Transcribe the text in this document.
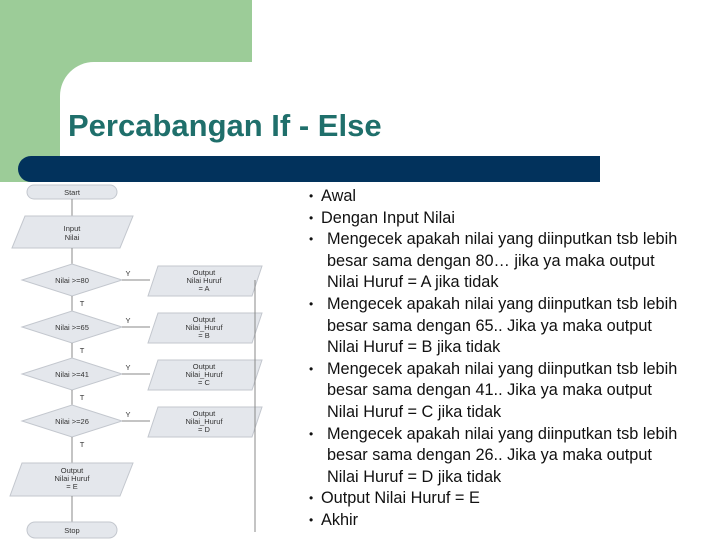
Percabangan If - Else
Start
Input
Nilai
Nilai >=80
Y	Output
Nilai Huruf
= A
T
Nilai >=65
Y	Output
Nilai_Huruf
= B
T
Nilai >=41
Y	Output
Nilai_Huruf
= C
T
Nilai >=26
Y	Output
Nilai_Huruf
= D
T
Output
Nilai Huruf
= E
Stop
• Awal
• Dengan Input Nilai
• Mengecek apakah nilai yang diinputkan tsb lebih
besar sama dengan 80… jika ya maka output
Nilai Huruf = A jika tidak
• Mengecek apakah nilai yang diinputkan tsb lebih
besar sama dengan 65.. Jika ya maka output
Nilai Huruf = B jika tidak
• Mengecek apakah nilai yang diinputkan tsb lebih
besar sama dengan 41.. Jika ya maka output
Nilai Huruf = C jika tidak
• Mengecek apakah nilai yang diinputkan tsb lebih
besar sama dengan 26.. Jika ya maka output
Nilai Huruf = D jika tidak
• Output Nilai Huruf = E
• Akhir
